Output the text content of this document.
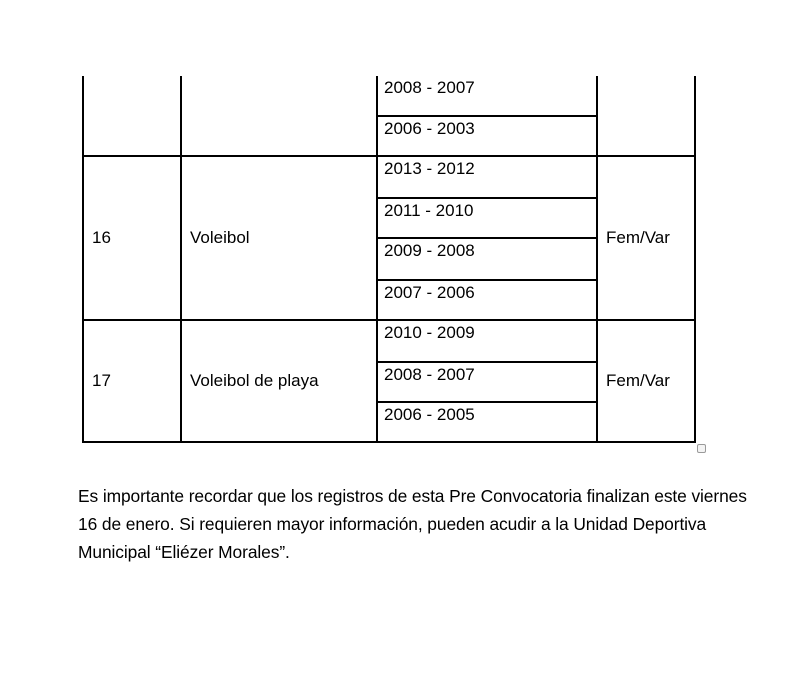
		2008 - 2007	
		2006 - 2003	
16	Voleibol	2013 - 2012	Fem/Var
		2011 - 2010	
		2009 - 2008	
		2007 - 2006	
17	Voleibol de playa	2010 - 2009	Fem/Var
		2008 - 2007	
		2006 - 2005	

Es importante recordar que los registros de esta Pre Convocatoria finalizan este viernes 16 de enero. Si requieren mayor información, pueden acudir a la Unidad Deportiva Municipal “Eliézer Morales”.
